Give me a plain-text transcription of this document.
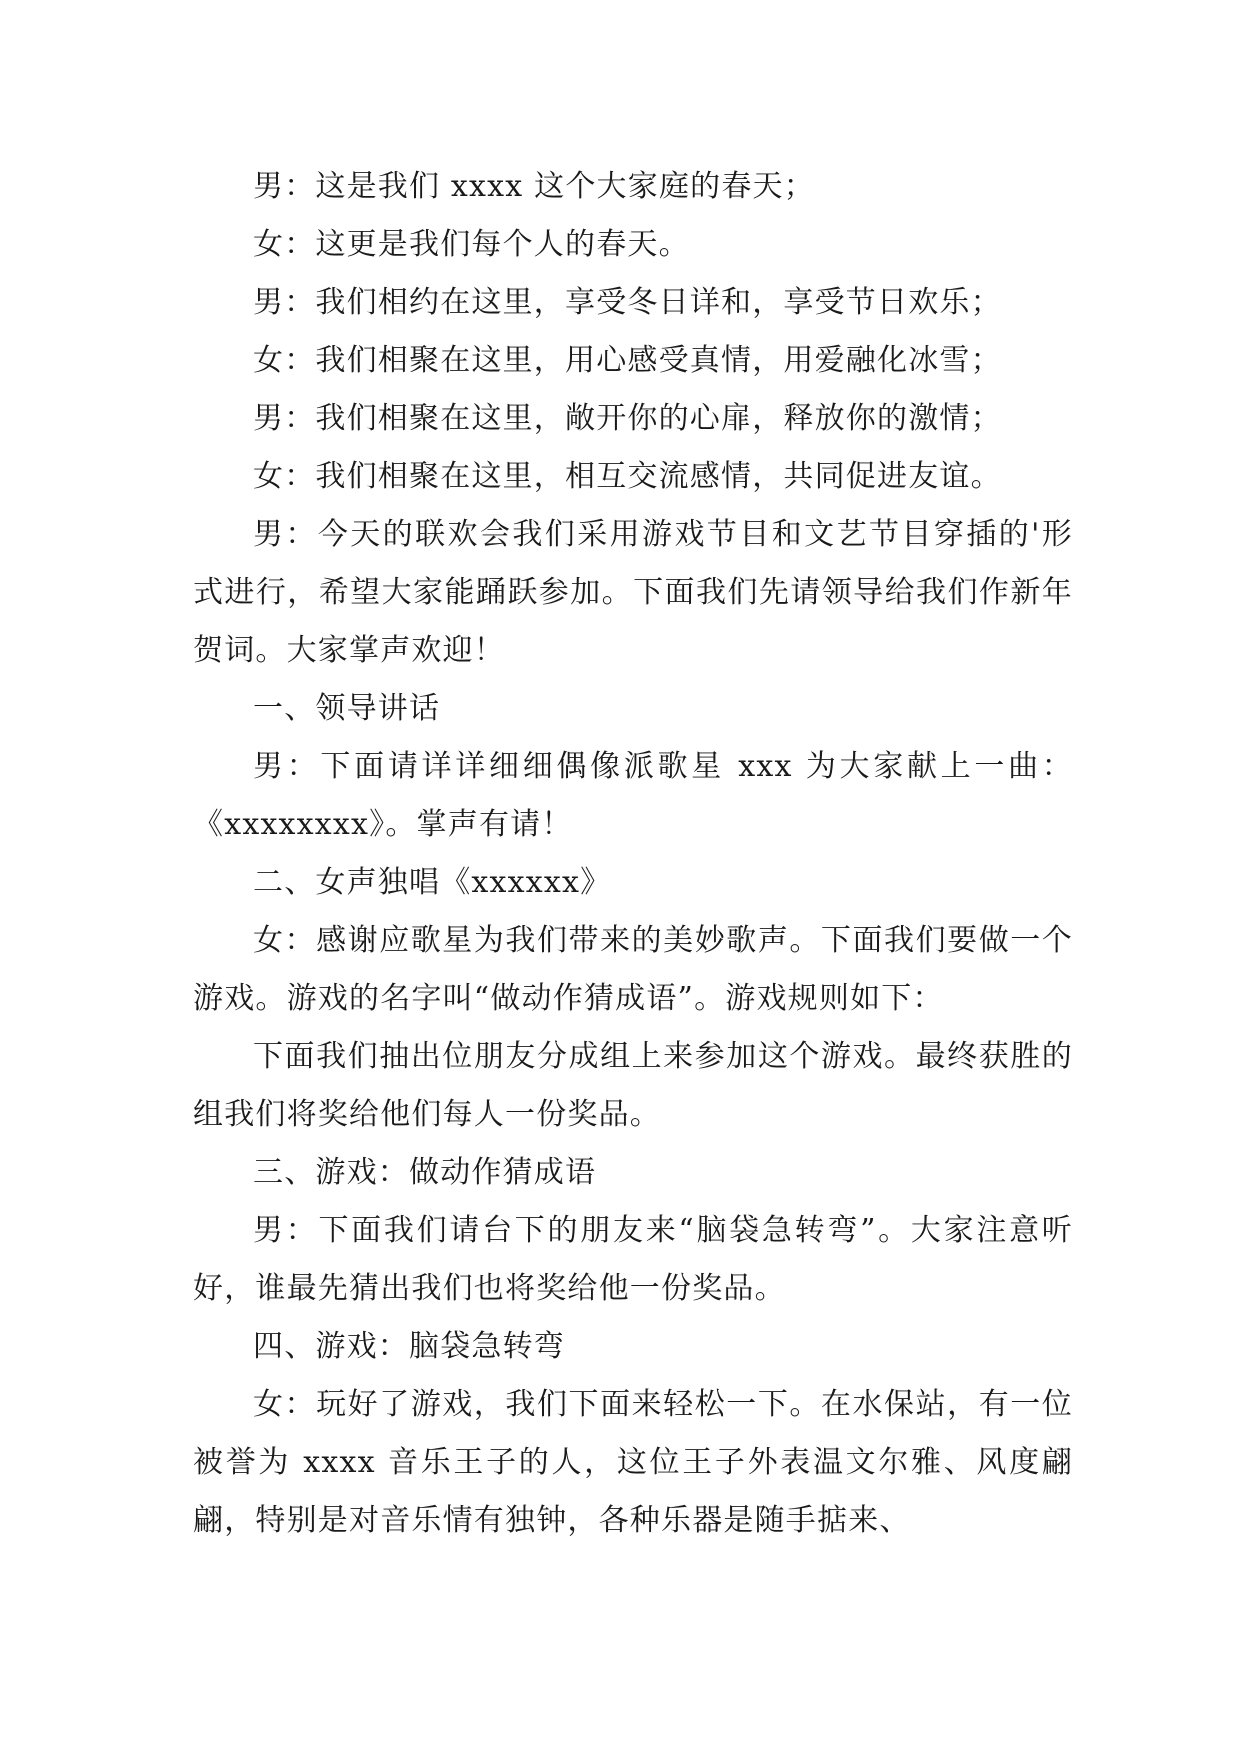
男：这是我们 xxxx 这个大家庭的春天；

女：这更是我们每个人的春天。

男：我们相约在这里，享受冬日详和，享受节日欢乐；

女：我们相聚在这里，用心感受真情，用爱融化冰雪；

男：我们相聚在这里，敞开你的心扉，释放你的激情；

女：我们相聚在这里，相互交流感情，共同促进友谊。

男：今天的联欢会我们采用游戏节目和文艺节目穿插的'形式进行，希望大家能踊跃参加。下面我们先请领导给我们作新年贺词。大家掌声欢迎！

一、领导讲话

男：下面请详详细细偶像派歌星 xxx 为大家献上一曲：《xxxxxxxx》。掌声有请！

二、女声独唱《xxxxxx》

女：感谢应歌星为我们带来的美妙歌声。下面我们要做一个游戏。游戏的名字叫“做动作猜成语”。游戏规则如下：

下面我们抽出位朋友分成组上来参加这个游戏。最终获胜的组我们将奖给他们每人一份奖品。

三、游戏：做动作猜成语

男：下面我们请台下的朋友来“脑袋急转弯”。大家注意听好，谁最先猜出我们也将奖给他一份奖品。

四、游戏：脑袋急转弯

女：玩好了游戏，我们下面来轻松一下。在水保站，有一位被誉为 xxxx 音乐王子的人，这位王子外表温文尔雅、风度翩翩，特别是对音乐情有独钟，各种乐器是随手掂来、
